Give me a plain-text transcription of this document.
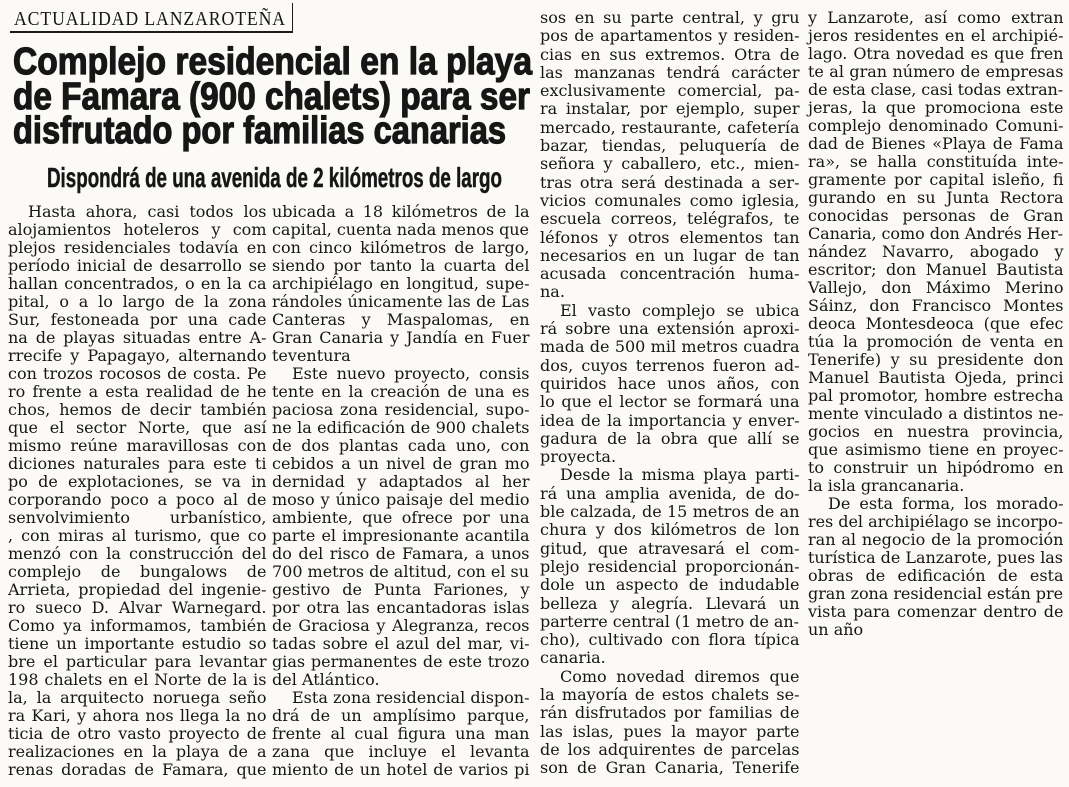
ACTUALIDAD LANZAROTEÑA
Complejo residencial en la playa
de Famara (900 chalets) para ser
disfrutado por familias canarias
Dispondrá de una avenida de 2 kilómetros de largo
Hasta ahora, casi todos los
alojamientos hoteleros y com
plejos residenciales todavía en
período inicial de desarrollo se
hallan concentrados, o en la ca
pital, o a lo largo de la zona
Sur, festoneada por una cade
na de playas situadas entre A-
rrecife y Papagayo, alternando
con trozos rocosos de costa. Pe
ro frente a esta realidad de he
chos, hemos de decir también
que el sector Norte, que así
mismo reúne maravillosas con
diciones naturales para este ti
po de explotaciones, se va in
corporando poco a poco al de
senvolvimiento urbanístico,
, con miras al turismo, que co
menzó con la construcción del
complejo de bungalows de
Arrieta, propiedad del ingenie-
ro sueco D. Alvar Warnegard.
Como ya informamos, también
tiene un importante estudio so
bre el particular para levantar
198 chalets en el Norte de la is
la, la arquitecto noruega seño
ra Kari, y ahora nos llega la no
ticia de otro vasto proyecto de
realizaciones en la playa de a
renas doradas de Famara, que
ubicada a 18 kilómetros de la
capital, cuenta nada menos que
con cinco kilómetros de largo,
siendo por tanto la cuarta del
archipiélago en longitud, supe-
rándoles únicamente las de Las
Canteras y Maspalomas, en
Gran Canaria y Jandía en Fuer
teventura
Este nuevo proyecto, consis
tente en la creación de una es
paciosa zona residencial, supo-
ne la edificación de 900 chalets
de dos plantas cada uno, con
cebidos a un nivel de gran mo
dernidad y adaptados al her
moso y único paisaje del medio
ambiente, que ofrece por una
parte el impresionante acantila
do del risco de Famara, a unos
700 metros de altitud, con el su
gestivo de Punta Fariones, y
por otra las encantadoras islas
de Graciosa y Alegranza, recos
tadas sobre el azul del mar, vi-
gias permanentes de este trozo
del Atlántico.
Esta zona residencial dispon-
drá de un amplísimo parque,
frente al cual figura una man
zana que incluye el levanta
miento de un hotel de varios pi
sos en su parte central, y gru
pos de apartamentos y residen-
cias en sus extremos. Otra de
las manzanas tendrá carácter
exclusivamente comercial, pa-
ra instalar, por ejemplo, super
mercado, restaurante, cafetería
bazar, tiendas, peluquería de
señora y caballero, etc., mien-
tras otra será destinada a ser-
vicios comunales como iglesia,
escuela correos, telégrafos, te
léfonos y otros elementos tan
necesarios en un lugar de tan
acusada concentración huma-
na.
El vasto complejo se ubica
rá sobre una extensión aproxi-
mada de 500 mil metros cuadra
dos, cuyos terrenos fueron ad-
quiridos hace unos años, con
lo que el lector se formará una
idea de la importancia y enver-
gadura de la obra que allí se
proyecta.
Desde la misma playa parti-
rá una amplia avenida, de do-
ble calzada, de 15 metros de an
chura y dos kilómetros de lon
gitud, que atravesará el com-
plejo residencial proporcionán-
dole un aspecto de indudable
belleza y alegría. Llevará un
parterre central (1 metro de an-
cho), cultivado con flora típica
canaria.
Como novedad diremos que
la mayoría de estos chalets se-
rán disfrutados por familias de
las islas, pues la mayor parte
de los adquirentes de parcelas
son de Gran Canaria, Tenerife
y Lanzarote, así como extran
jeros residentes en el archipié-
lago. Otra novedad es que fren
te al gran número de empresas
de esta clase, casi todas extran-
jeras, la que promociona este
complejo denominado Comuni-
dad de Bienes «Playa de Fama
ra», se halla constituída inte-
gramente por capital isleño, fi
gurando en su Junta Rectora
conocidas personas de Gran
Canaria, como don Andrés Her-
nández Navarro, abogado y
escritor; don Manuel Bautista
Vallejo, don Máximo Merino
Sáinz, don Francisco Montes
deoca Montesdeoca (que efec
túa la promoción de venta en
Tenerife) y su presidente don
Manuel Bautista Ojeda, princi
pal promotor, hombre estrecha
mente vinculado a distintos ne-
gocios en nuestra provincia,
que asimismo tiene en proyec-
to construir un hipódromo en
la isla grancanaria.
De esta forma, los morado-
res del archipiélago se incorpo-
ran al negocio de la promoción
turística de Lanzarote, pues las
obras de edificación de esta
gran zona residencial están pre
vista para comenzar dentro de
un año
